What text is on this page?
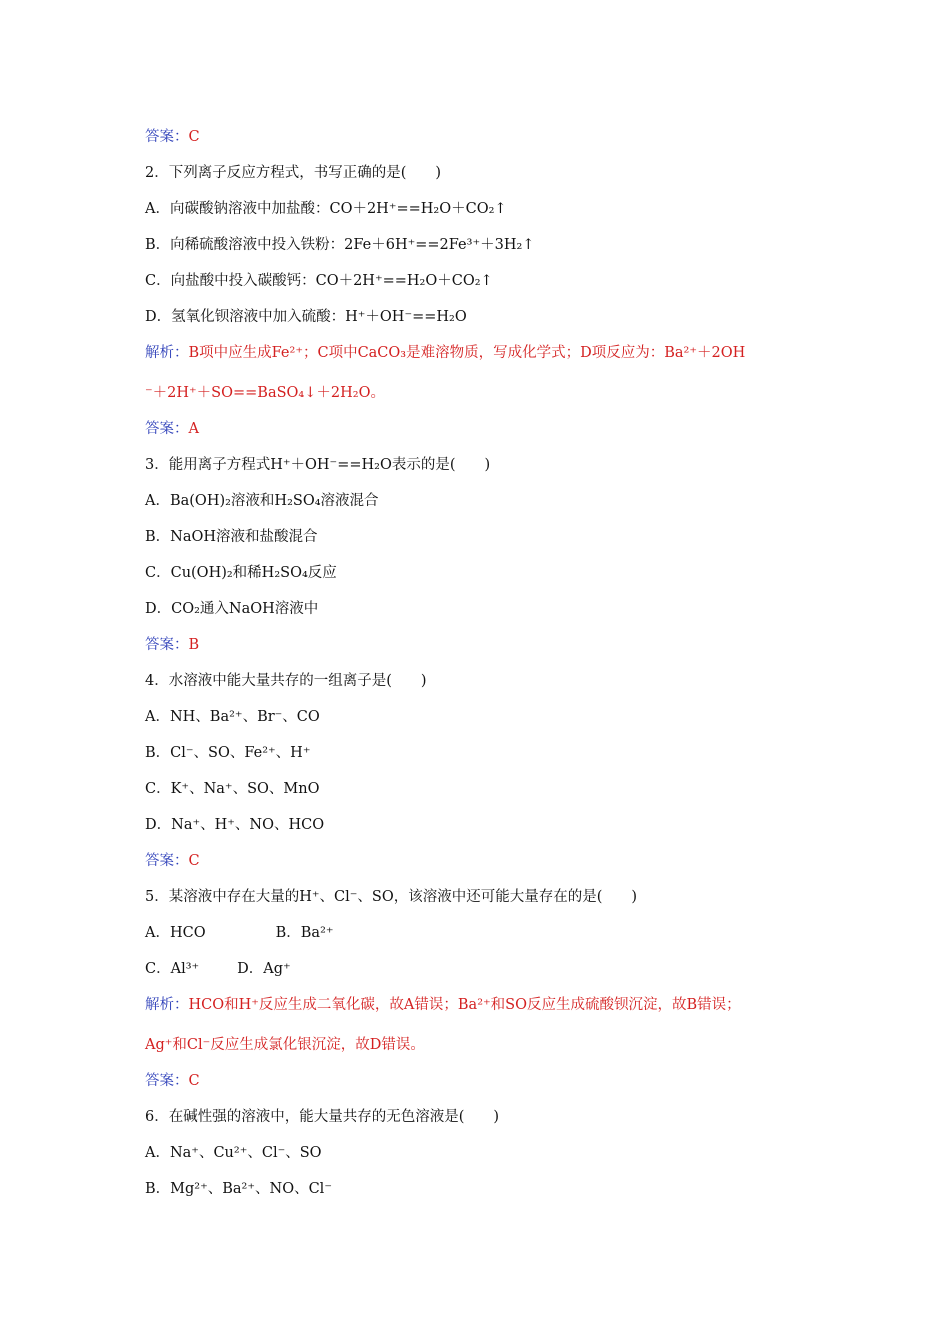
答案：C
2．下列离子反应方程式，书写正确的是(　　)
A．向碳酸钠溶液中加盐酸：CO＋2H⁺==H₂O＋CO₂↑
B．向稀硫酸溶液中投入铁粉：2Fe＋6H⁺==2Fe³⁺＋3H₂↑
C．向盐酸中投入碳酸钙：CO＋2H⁺==H₂O＋CO₂↑
D．氢氧化钡溶液中加入硫酸：H⁺＋OH⁻==H₂O
解析：B项中应生成Fe²⁺；C项中CaCO₃是难溶物质，写成化学式；D项反应为：Ba²⁺＋2OH
⁻＋2H⁺＋SO==BaSO₄↓＋2H₂O。
答案：A
3．能用离子方程式H⁺＋OH⁻==H₂O表示的是(　　)
A．Ba(OH)₂溶液和H₂SO₄溶液混合
B．NaOH溶液和盐酸混合
C．Cu(OH)₂和稀H₂SO₄反应
D．CO₂通入NaOH溶液中
答案：B
4．水溶液中能大量共存的一组离子是(　　)
A．NH、Ba²⁺、Br⁻、CO
B．Cl⁻、SO、Fe²⁺、H⁺
C．K⁺、Na⁺、SO、MnO
D．Na⁺、H⁺、NO、HCO
答案：C
5．某溶液中存在大量的H⁺、Cl⁻、SO，该溶液中还可能大量存在的是(　　)
A．HCO	B．Ba²⁺
C．Al³⁺	D．Ag⁺
解析：HCO和H⁺反应生成二氧化碳，故A错误；Ba²⁺和SO反应生成硫酸钡沉淀，故B错误；
Ag⁺和Cl⁻反应生成氯化银沉淀，故D错误。
答案：C
6．在碱性强的溶液中，能大量共存的无色溶液是(　　)
A．Na⁺、Cu²⁺、Cl⁻、SO
B．Mg²⁺、Ba²⁺、NO、Cl⁻
